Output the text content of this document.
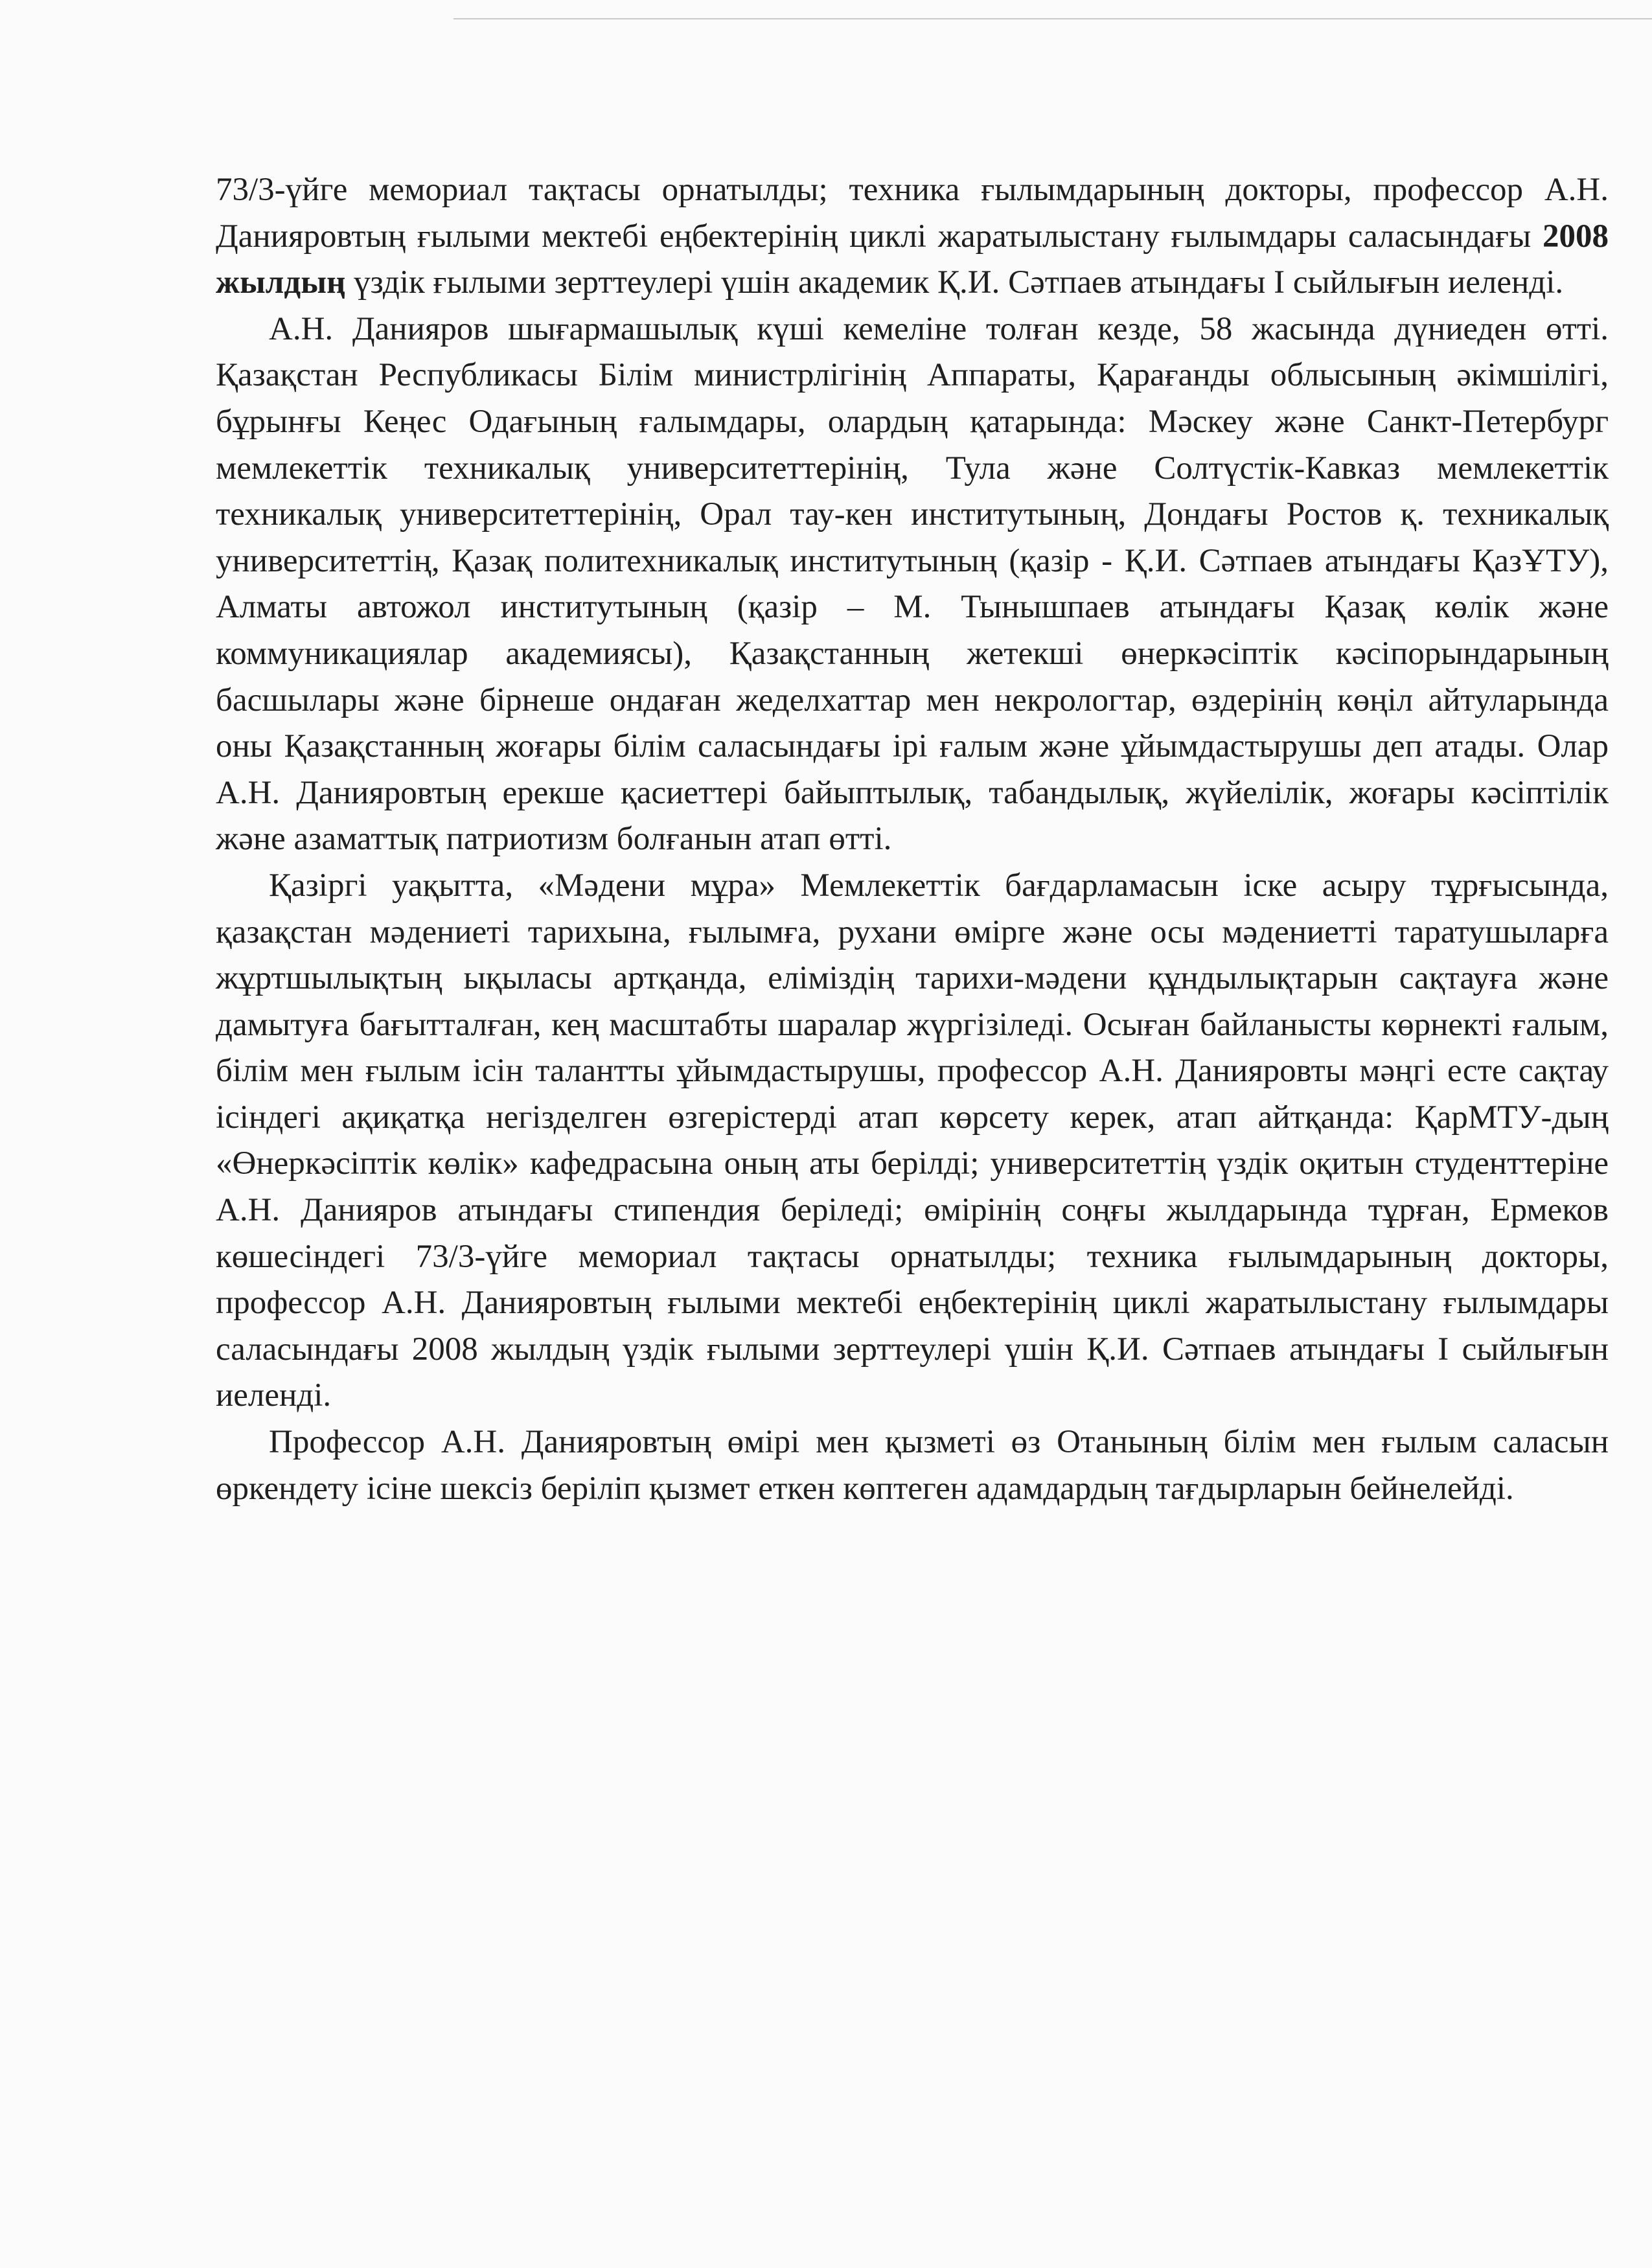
73/3-үйге мемориал тақтасы орнатылды; техника ғылымдарының докторы, профессор А.Н. Данияровтың ғылыми мектебі еңбектерінің циклі жаратылыстану ғылымдары саласындағы 2008 жылдың үздік ғылыми зерттеулері үшін академик Қ.И. Сәтпаев атындағы І сыйлығын иеленді.

А.Н. Данияров шығармашылық күші кемеліне толған кезде, 58 жасында дүниеден өтті. Қазақстан Республикасы Білім министрлігінің Аппараты, Қарағанды облысының әкімшілігі, бұрынғы Кеңес Одағының ғалымдары, олардың қатарында: Мәскеу және Санкт-Петербург мемлекеттік техникалық университеттерінің, Тула және Солтүстік-Кавказ мемлекеттік техникалық университеттерінің, Орал тау-кен институтының, Дондағы Ростов қ. техникалық университеттің, Қазақ политехникалық институтының (қазір - Қ.И. Сәтпаев атындағы ҚазҰТУ), Алматы автожол институтының (қазір – М. Тынышпаев атындағы Қазақ көлік және коммуникациялар академиясы), Қазақстанның жетекші өнеркәсіптік кәсіпорындарының басшылары және бірнеше ондаған жеделхаттар мен некрологтар, өздерінің көңіл айтуларында оны Қазақстанның жоғары білім саласындағы ірі ғалым және ұйымдастырушы деп атады. Олар А.Н. Данияровтың ерекше қасиеттері байыптылық, табандылық, жүйелілік, жоғары кәсіптілік және азаматтық патриотизм болғанын атап өтті.

Қазіргі уақытта, «Мәдени мұра» Мемлекеттік бағдарламасын іске асыру тұрғысында, қазақстан мәдениеті тарихына, ғылымға, рухани өмірге және осы мәдениетті таратушыларға жұртшылықтың ықыласы артқанда, еліміздің тарихи-мәдени құндылықтарын сақтауға және дамытуға бағытталған, кең масштабты шаралар жүргізіледі. Осыған байланысты көрнекті ғалым, білім мен ғылым ісін талантты ұйымдастырушы, профессор А.Н. Данияровты мәңгі есте сақтау ісіндегі ақиқатқа негізделген өзгерістерді атап көрсету керек, атап айтқанда: ҚарМТУ-дың «Өнеркәсіптік көлік» кафедрасына оның аты берілді; университеттің үздік оқитын студенттеріне А.Н. Данияров атындағы стипендия беріледі; өмірінің соңғы жылдарында тұрған, Ермеков көшесіндегі 73/3-үйге мемориал тақтасы орнатылды; техника ғылымдарының докторы, профессор А.Н. Данияровтың ғылыми мектебі еңбектерінің циклі жаратылыстану ғылымдары саласындағы 2008 жылдың үздік ғылыми зерттеулері үшін Қ.И. Сәтпаев атындағы І сыйлығын иеленді.

Профессор А.Н. Данияровтың өмірі мен қызметі өз Отанының білім мен ғылым саласын өркендету ісіне шексіз беріліп қызмет еткен көптеген адамдардың тағдырларын бейнелейді.
